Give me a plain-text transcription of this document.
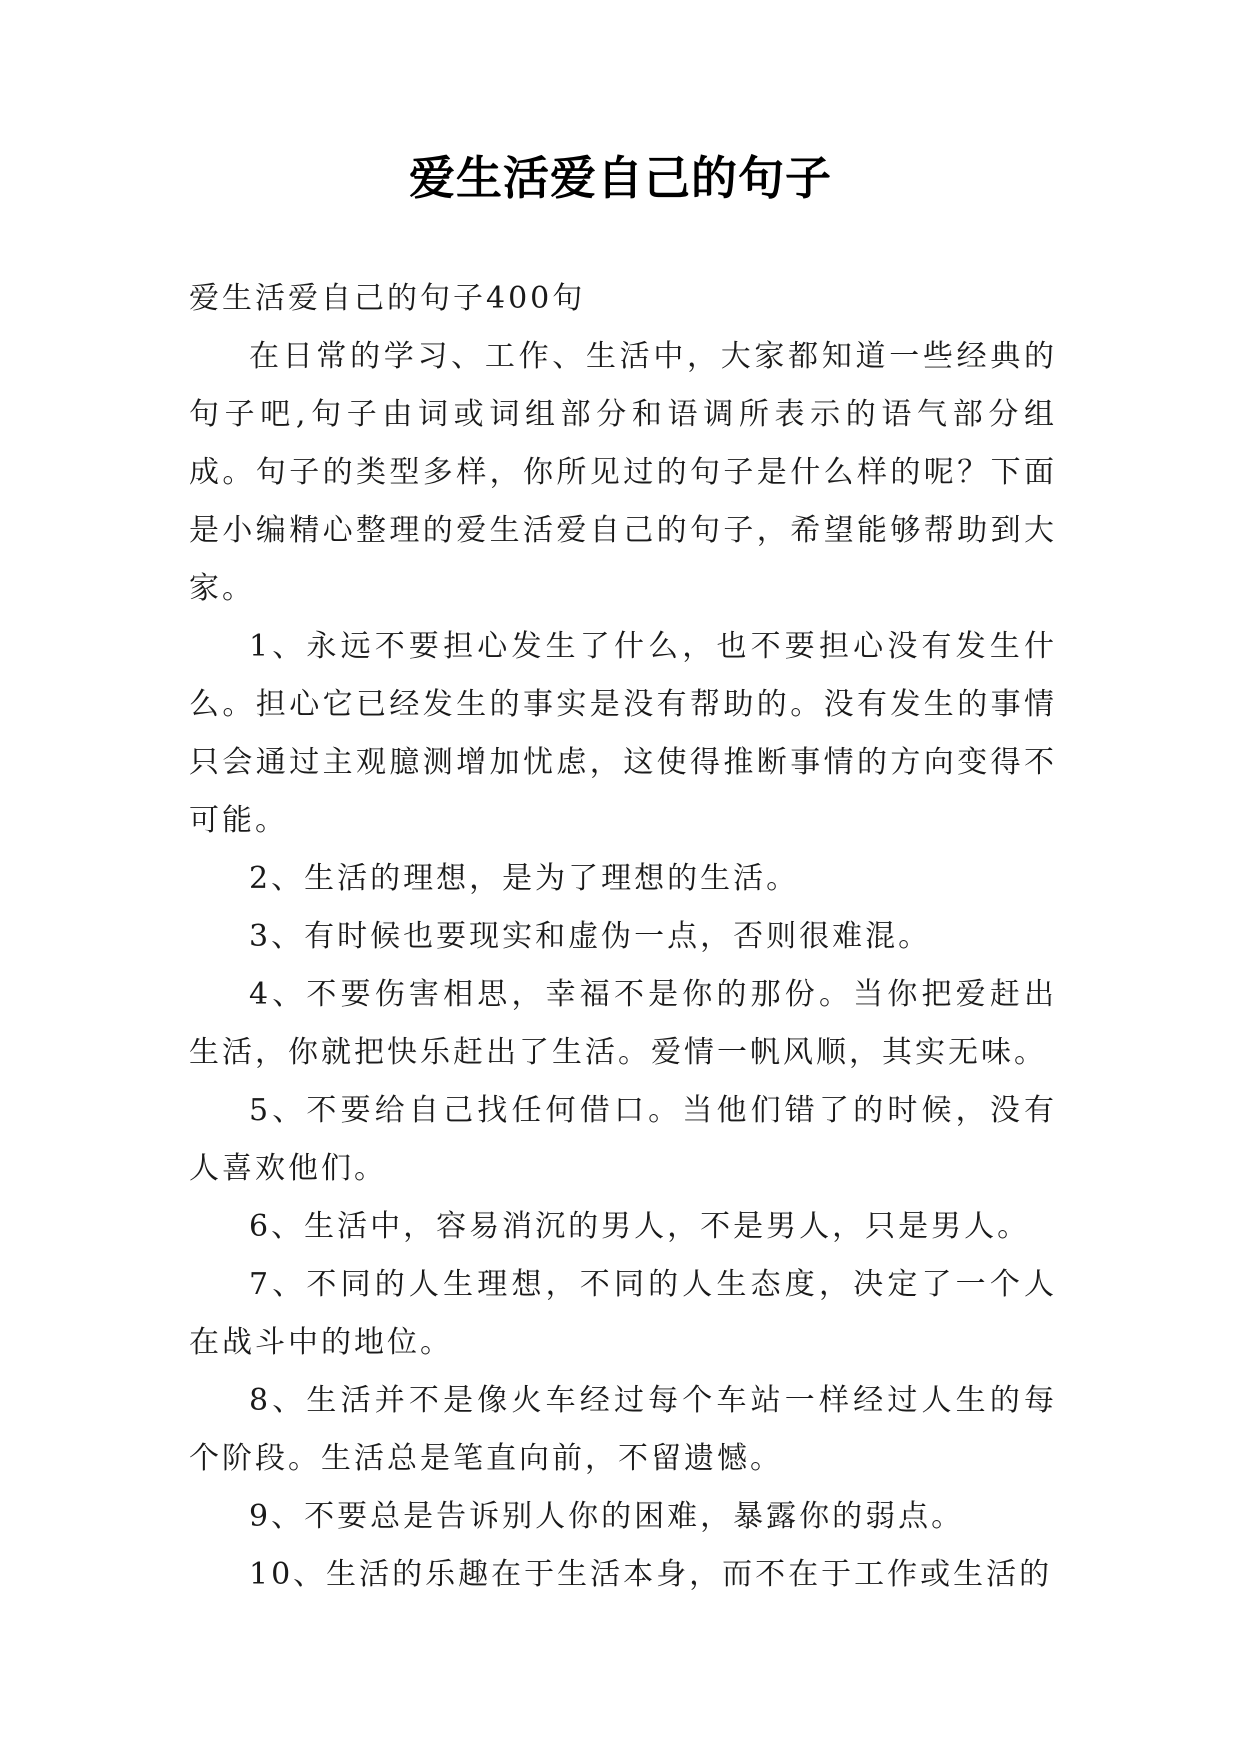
爱生活爱自己的句子

爱生活爱自己的句子400句

在日常的学习、工作、生活中，大家都知道一些经典的句子吧,句子由词或词组部分和语调所表示的语气部分组成。句子的类型多样，你所见过的句子是什么样的呢？下面是小编精心整理的爱生活爱自己的句子，希望能够帮助到大家。

1、永远不要担心发生了什么，也不要担心没有发生什么。担心它已经发生的事实是没有帮助的。没有发生的事情只会通过主观臆测增加忧虑，这使得推断事情的方向变得不可能。

2、生活的理想，是为了理想的生活。

3、有时候也要现实和虚伪一点，否则很难混。

4、不要伤害相思，幸福不是你的那份。当你把爱赶出生活，你就把快乐赶出了生活。爱情一帆风顺，其实无味。

5、不要给自己找任何借口。当他们错了的时候，没有人喜欢他们。

6、生活中，容易消沉的男人，不是男人，只是男人。

7、不同的人生理想，不同的人生态度，决定了一个人在战斗中的地位。

8、生活并不是像火车经过每个车站一样经过人生的每个阶段。生活总是笔直向前，不留遗憾。

9、不要总是告诉别人你的困难，暴露你的弱点。

10、生活的乐趣在于生活本身，而不在于工作或生活的
